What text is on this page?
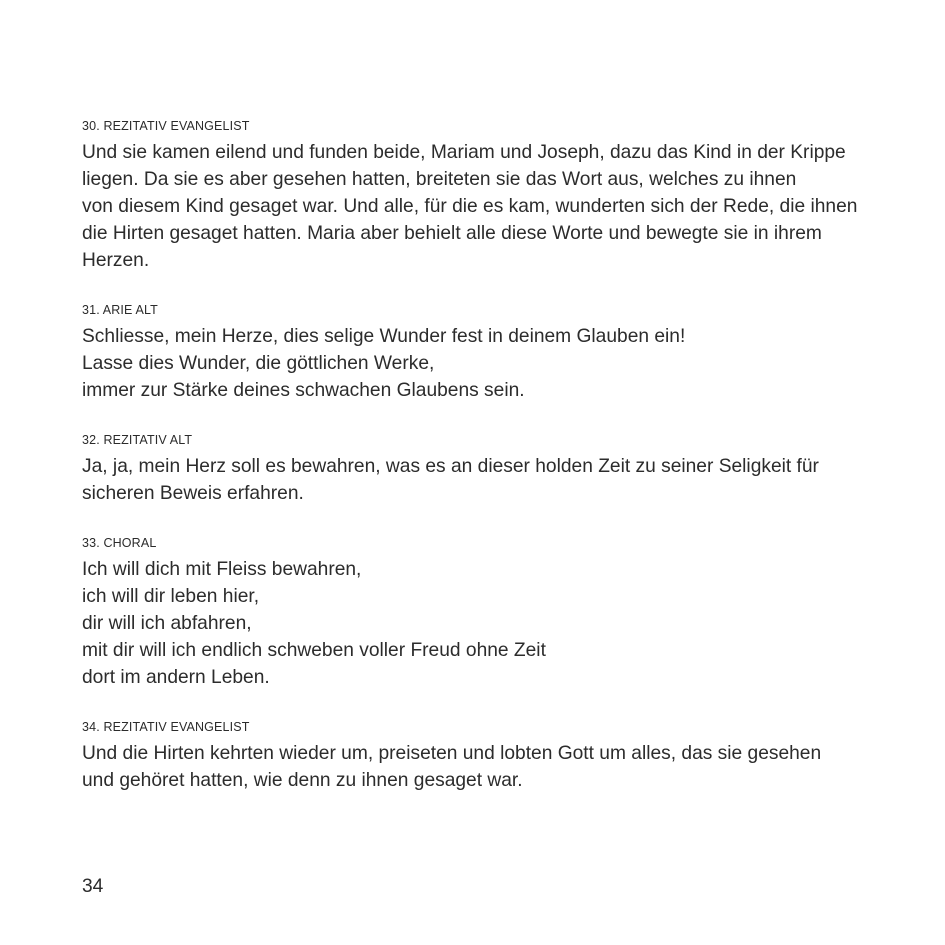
30. REZITATIV EVANGELIST
Und sie kamen eilend und funden beide, Mariam und Joseph, dazu das Kind in der Krippe
liegen. Da sie es aber gesehen hatten, breiteten sie das Wort aus, welches zu ihnen
von diesem Kind gesaget war. Und alle, für die es kam, wunderten sich der Rede, die ihnen
die Hirten gesaget hatten. Maria aber behielt alle diese Worte und bewegte sie in ihrem
Herzen.
31. ARIE ALT
Schliesse, mein Herze, dies selige Wunder fest in deinem Glauben ein!
Lasse dies Wunder, die göttlichen Werke,
immer zur Stärke deines schwachen Glaubens sein.
32. REZITATIV ALT
Ja, ja, mein Herz soll es bewahren, was es an dieser holden Zeit zu seiner Seligkeit für
sicheren Beweis erfahren.
33. CHORAL
Ich will dich mit Fleiss bewahren,
ich will dir leben hier,
dir will ich abfahren,
mit dir will ich endlich schweben voller Freud ohne Zeit
dort im andern Leben.
34. REZITATIV EVANGELIST
Und die Hirten kehrten wieder um, preiseten und lobten Gott um alles, das sie gesehen
und gehöret hatten, wie denn zu ihnen gesaget war.
34
